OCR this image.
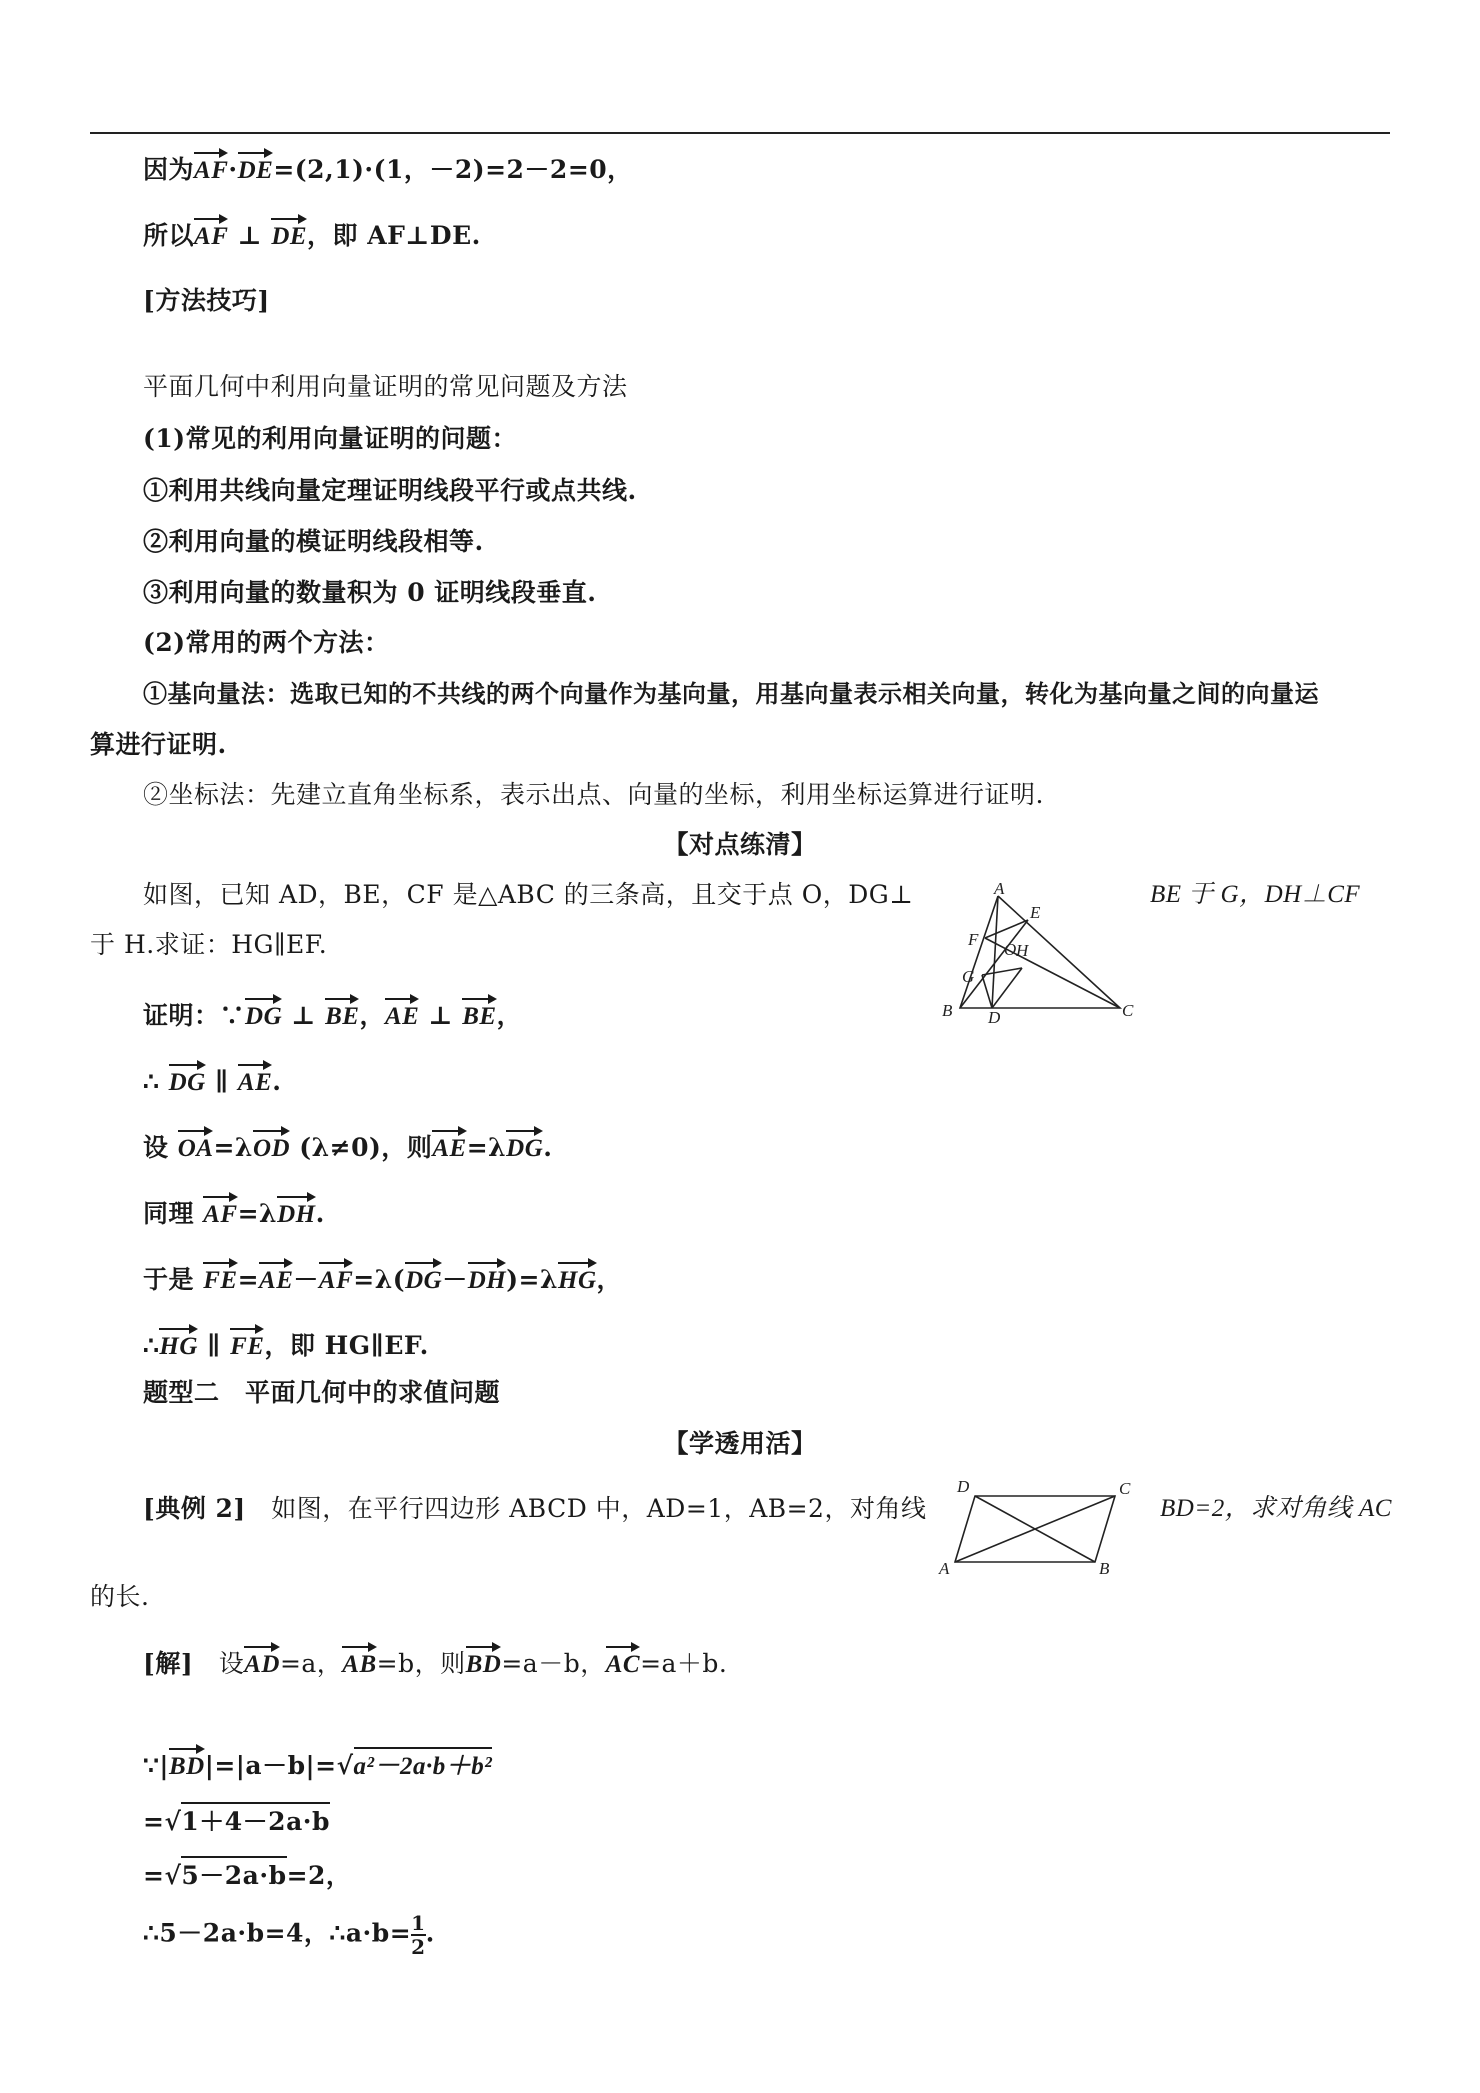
因为AF·DE=(2,1)·(1，－2)=2－2=0，
所以AF ⊥ DE，即 AF⊥DE.
[方法技巧]
平面几何中利用向量证明的常见问题及方法
(1)常见的利用向量证明的问题：
①利用共线向量定理证明线段平行或点共线.
②利用向量的模证明线段相等.
③利用向量的数量积为 0 证明线段垂直.
(2)常用的两个方法：
①基向量法：选取已知的不共线的两个向量作为基向量，用基向量表示相关向量，转化为基向量之间的向量运
算进行证明.
②坐标法：先建立直角坐标系，表示出点、向量的坐标，利用坐标运算进行证明.
【对点练清】
如图，已知 AD，BE，CF 是△ABC 的三条高，且交于点 O，DG⊥	BE 于 G，DH⊥CF
于 H.求证：HG∥EF.
A
E
F
O H
G
B D	C
证明：∵DG ⊥ BE，AE ⊥ BE，
∴ DG ∥ AE.
设 OA=λOD (λ≠0)，则AE=λDG.
同理 AF=λDH.
于是 FE=AE－AF=λ(DG－DH)=λHG，
∴HG ∥ FE，即 HG∥EF.
题型二　平面几何中的求值问题
【学透用活】
[典例 2]　 如图，在平行四边形 ABCD 中，AD=1，AB=2，对角线	BD=2，求对角线 AC
的长.
D	C
A	B
[解]　 设AD=a，AB=b，则BD=a－b，AC=a＋b.
∵|BD|=|a－b|=√a²－2a·b＋b²
=√1＋4－2a·b
=√5－2a·b=2，
∴5－2a·b=4，∴a·b= $\frac{1}{2}$ .
